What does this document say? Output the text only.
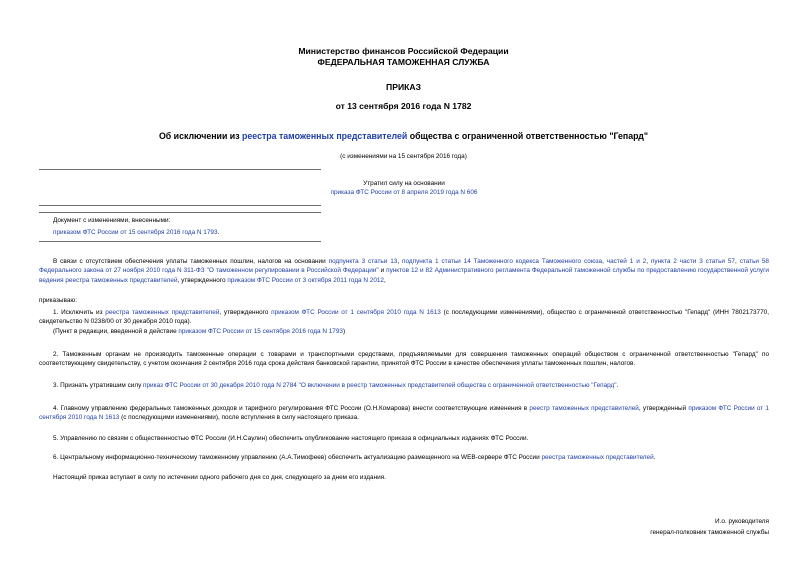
Министерство финансов Российской Федерации
ФЕДЕРАЛЬНАЯ ТАМОЖЕННАЯ СЛУЖБА
ПРИКАЗ
от 13 сентября 2016 года N 1782
Об исключении из реестра таможенных представителей общества с ограниченной ответственностью "Гепард"
(с изменениями на 15 сентября 2016 года)
Утратил силу на основании
приказа ФТС России от 8 апреля 2019 года N 606
Документ с изменениями, внесенными:
приказом ФТС России от 15 сентября 2016 года N 1793.
В связи с отсутствием обеспечения уплаты таможенных пошлин, налогов на основании подпункта 3 статьи 13, подпункта 1 статьи 14 Таможенного кодекса Таможенного союза, частей 1 и 2, пункта 2 части 3 статьи 57, статьи 58 Федерального закона от 27 ноября 2010 года N 311-ФЗ "О таможенном регулировании в Российской Федерации" и пунктов 12 и 82 Административного регламента Федеральной таможенной службы по предоставлению государственной услуги ведения реестра таможенных представителей, утвержденного приказом ФТС России от 3 октября 2011 года N 2012,
приказываю:
1. Исключить из реестра таможенных представителей, утвержденного приказом ФТС России от 1 сентября 2010 года N 1613 (с последующими изменениями), общество с ограниченной ответственностью "Гепард" (ИНН 7802173770, свидетельство N 0238/00 от 30 декабря 2010 года).
(Пункт в редакции, введенной в действие приказом ФТС России от 15 сентября 2016 года N 1793)
2. Таможенным органам не производить таможенные операции с товарами и транспортными средствами, предъявляемыми для совершения таможенных операций обществом с ограниченной ответственностью "Гепард" по соответствующему свидетельству, с учетом окончания 2 сентября 2016 года срока действия банковской гарантии, принятой ФТС России в качестве обеспечения уплаты таможенных пошлин, налогов.
3. Признать утратившим силу приказ ФТС России от 30 декабря 2010 года N 2784 "О включении в реестр таможенных представителей общества с ограниченной ответственностью "Гепард".
4. Главному управлению федеральных таможенных доходов и тарифного регулирования ФТС России (О.Н.Комарова) внести соответствующие изменения в реестр таможенных представителей, утвержденный приказом ФТС России от 1 сентября 2010 года N 1613 (с последующими изменениями), после вступления в силу настоящего приказа.
5. Управлению по связям с общественностью ФТС России (И.Н.Саулин) обеспечить опубликование настоящего приказа в официальных изданиях ФТС России.
6. Центральному информационно-техническому таможенному управлению (А.А.Тимофеев) обеспечить актуализацию размещенного на WEB-сервере ФТС России реестра таможенных представителей.
Настоящий приказ вступает в силу по истечении одного рабочего дня со дня, следующего за днем его издания.
И.о. руководителя
генерал-полковник таможенной службы
